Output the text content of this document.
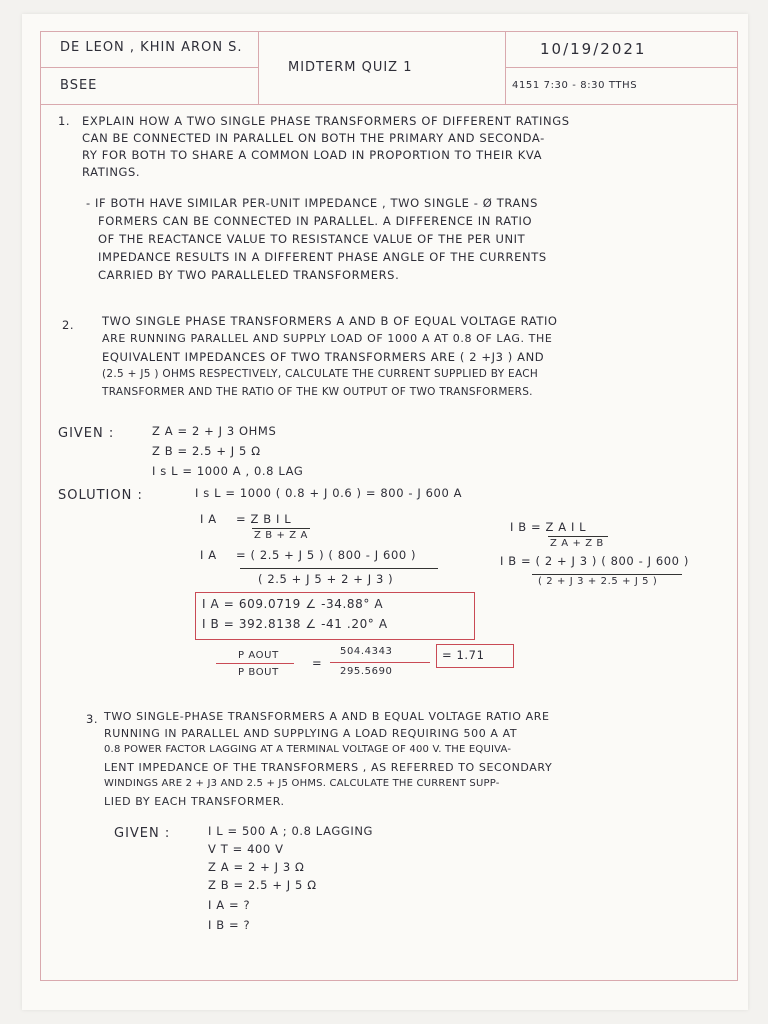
DE LEON , KHIN ARON S.
BSEE
MIDTERM QUIZ 1
10/19/2021
4151 7:30 - 8:30 TTHS
1. EXPLAIN HOW A TWO SINGLE PHASE TRANSFORMERS OF DIFFERENT RATINGS
CAN BE CONNECTED IN PARALLEL ON BOTH THE PRIMARY AND SECONDA-
RY FOR BOTH TO SHARE A COMMON LOAD IN PROPORTION TO THEIR KVA
RATINGS.
- IF BOTH HAVE SIMILAR PER-UNIT IMPEDANCE , TWO SINGLE - Ø TRANS
FORMERS CAN BE CONNECTED IN PARALLEL. A DIFFERENCE IN RATIO
OF THE REACTANCE VALUE TO RESISTANCE VALUE OF THE PER UNIT
IMPEDANCE RESULTS IN A DIFFERENT PHASE ANGLE OF THE CURRENTS
CARRIED BY TWO PARALLELED TRANSFORMERS.
2. TWO SINGLE PHASE TRANSFORMERS A AND B OF EQUAL VOLTAGE RATIO
ARE RUNNING PARALLEL AND SUPPLY LOAD OF 1000 A AT 0.8 OF LAG. THE
EQUIVALENT IMPEDANCES OF TWO TRANSFORMERS ARE ( 2 +J3 ) AND
(2.5 + J5 ) OHMS RESPECTIVELY, CALCULATE THE CURRENT SUPPLIED BY EACH
TRANSFORMER AND THE RATIO OF THE KW OUTPUT OF TWO TRANSFORMERS.
GIVEN :	Z A = 2 + J 3 OHMS
Z B = 2.5 + J 5 Ω
I s L = 1000 A , 0.8 LAG
SOLUTION :	I s L = 1000 ( 0.8 + J 0.6 ) = 800 - J 600 A
I A = Z B I L
Z B + Z A
I A = ( 2.5 + J 5 ) ( 800 - J 600 )
( 2.5 + J 5 + 2 + J 3 )
I B = Z A I L
Z A + Z B
I B = ( 2 + J 3 ) ( 800 - J 600 )
( 2 + J 3 + 2.5 + J 5 )
I A = 609.0719 ∠ -34.88° A
I B = 392.8138 ∠ -41 .20° A
P AOUT
P BOUT
=
504.4343
295.5690
= 1.71
3. TWO SINGLE-PHASE TRANSFORMERS A AND B EQUAL VOLTAGE RATIO ARE
RUNNING IN PARALLEL AND SUPPLYING A LOAD REQUIRING 500 A AT
0.8 POWER FACTOR LAGGING AT A TERMINAL VOLTAGE OF 400 V. THE EQUIVA-
LENT IMPEDANCE OF THE TRANSFORMERS , AS REFERRED TO SECONDARY
WINDINGS ARE 2 + J3 AND 2.5 + J5 OHMS. CALCULATE THE CURRENT SUPP-
LIED BY EACH TRANSFORMER.
GIVEN :	I L = 500 A ; 0.8 LAGGING
V T = 400 V
Z A = 2 + J 3 Ω
Z B = 2.5 + J 5 Ω
I A = ?
I B = ?
